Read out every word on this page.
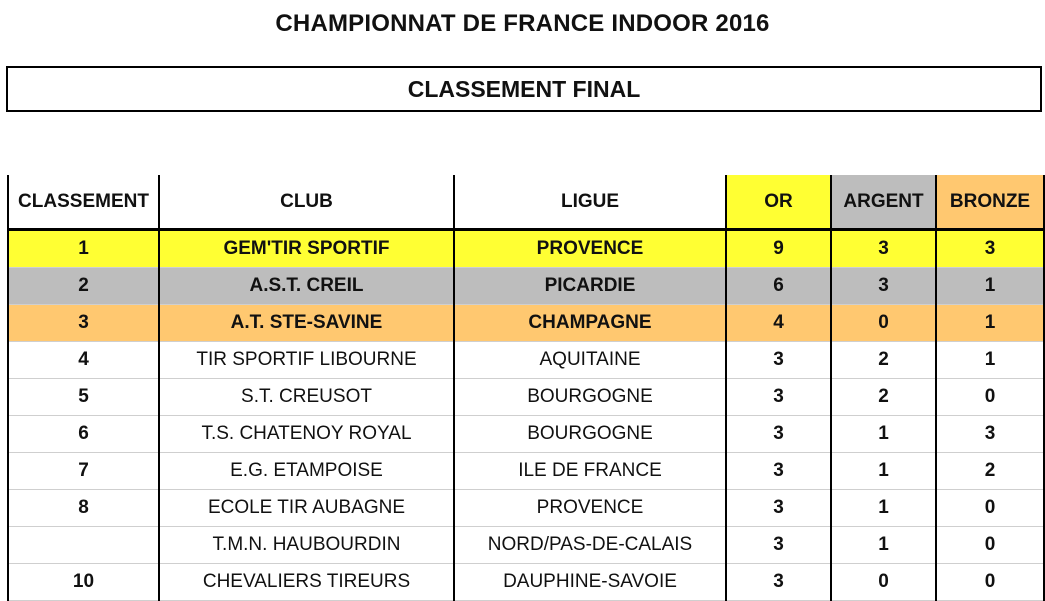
CHAMPIONNAT DE FRANCE INDOOR 2016
CLASSEMENT FINAL
CLASSEMENT	CLUB	LIGUE	OR	ARGENT	BRONZE
1	GEM'TIR SPORTIF	PROVENCE	9	3	3
2	A.S.T. CREIL	PICARDIE	6	3	1
3	A.T. STE-SAVINE	CHAMPAGNE	4	0	1
4	TIR SPORTIF LIBOURNE	AQUITAINE	3	2	1
5	S.T. CREUSOT	BOURGOGNE	3	2	0
6	T.S. CHATENOY ROYAL	BOURGOGNE	3	1	3
7	E.G. ETAMPOISE	ILE DE FRANCE	3	1	2
8	ECOLE TIR AUBAGNE	PROVENCE	3	1	0
	T.M.N. HAUBOURDIN	NORD/PAS-DE-CALAIS	3	1	0
10	CHEVALIERS TIREURS	DAUPHINE-SAVOIE	3	0	0
